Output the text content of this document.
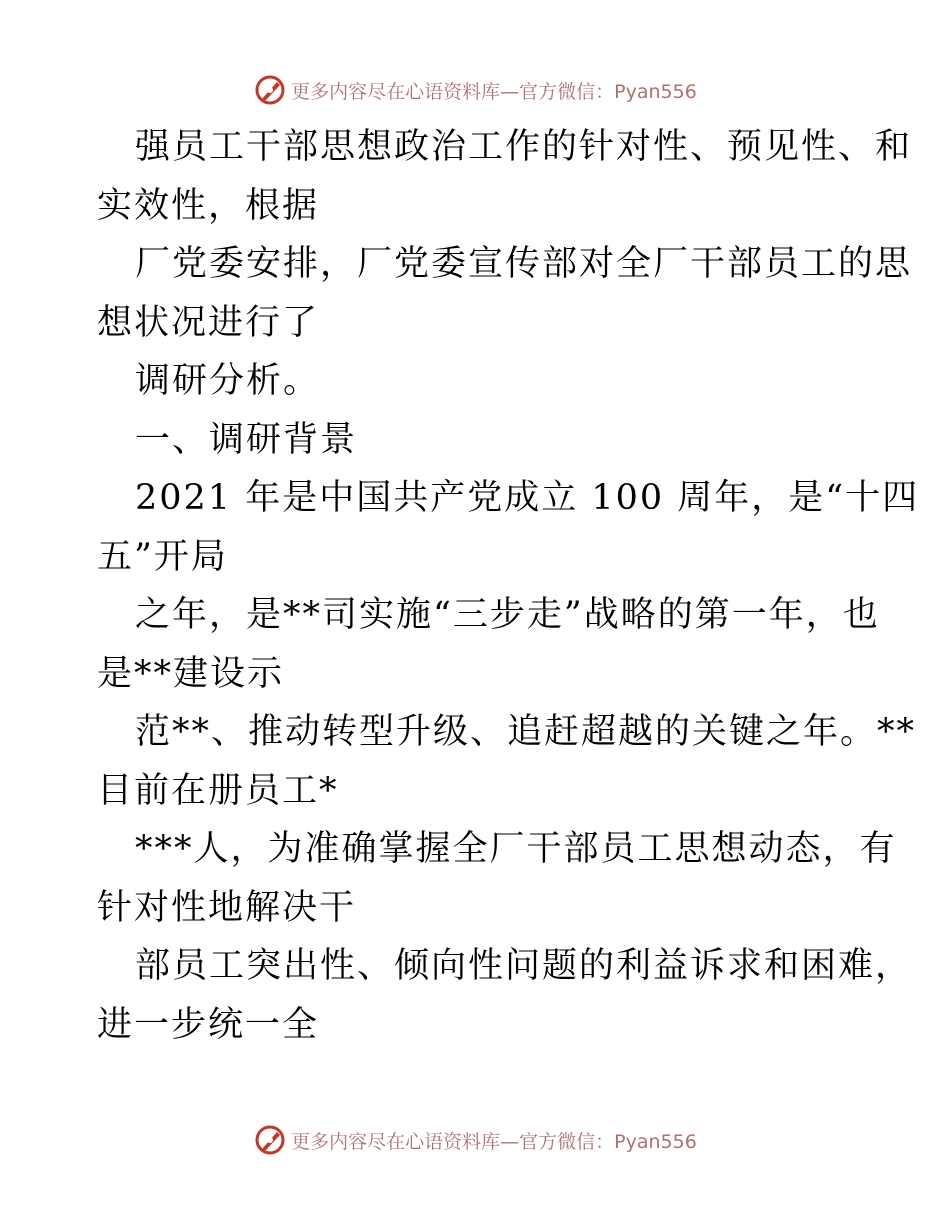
更多内容尽在心语资料库—官方微信：Pyan556
强员工干部思想政治工作的针对性、预见性、和
实效性，根据
厂党委安排，厂党委宣传部对全厂干部员工的思
想状况进行了
调研分析。
一、调研背景
2021 年是中国共产党成立 100 周年，是“十四
五”开局
之年，是**司实施“三步走”战略的第一年，也
是**建设示
范**、推动转型升级、追赶超越的关键之年。**
目前在册员工*
***人，为准确掌握全厂干部员工思想动态，有
针对性地解决干
部员工突出性、倾向性问题的利益诉求和困难，
进一步统一全
更多内容尽在心语资料库—官方微信：Pyan556
